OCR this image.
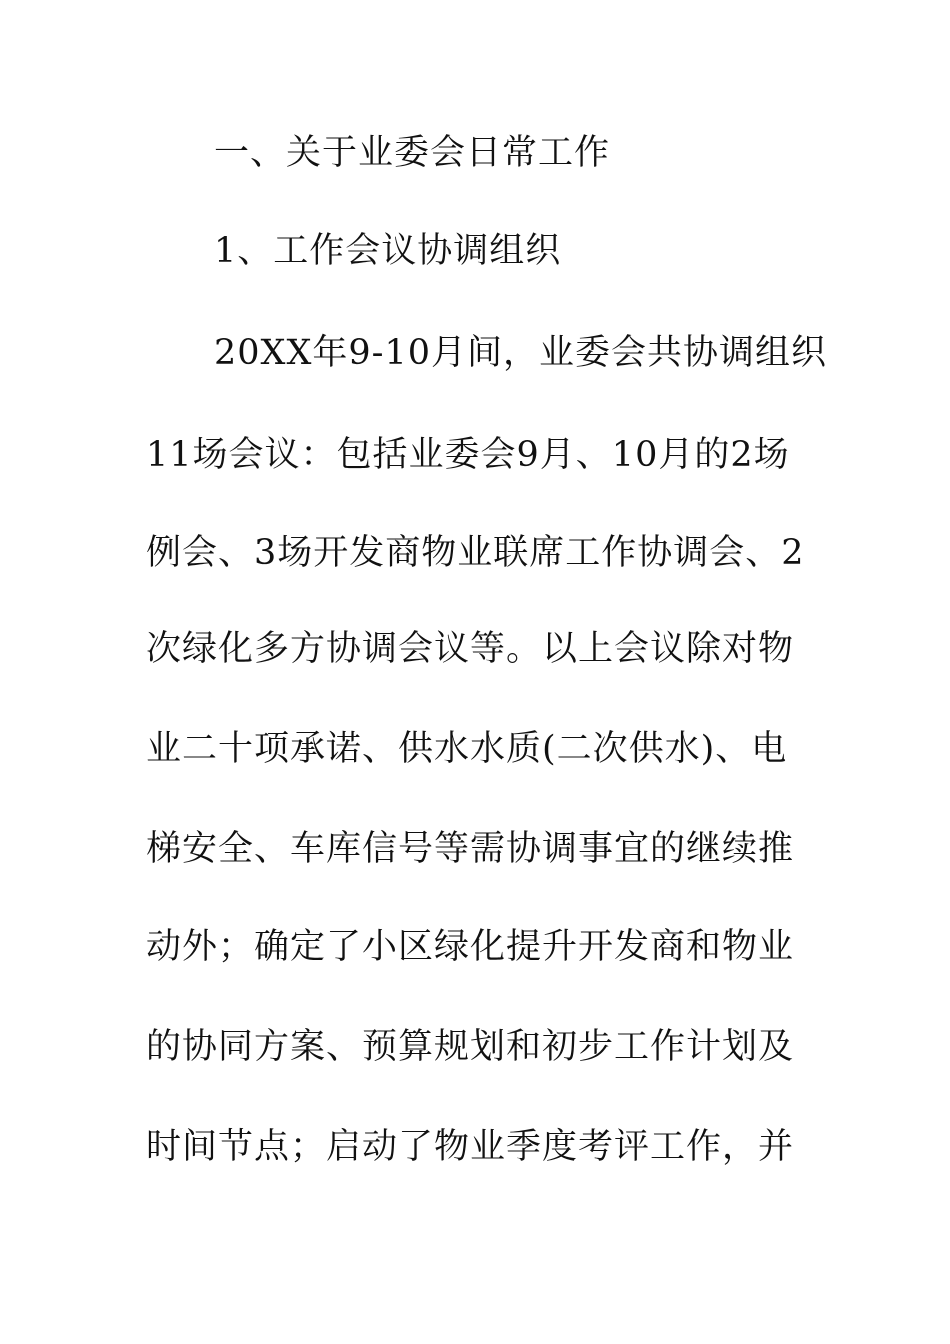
一、关于业委会日常工作
1、工作会议协调组织
20XX年9-10月间，业委会共协调组织
11场会议：包括业委会9月、10月的2场
例会、3场开发商物业联席工作协调会、2
次绿化多方协调会议等。以上会议除对物
业二十项承诺、供水水质(二次供水)、电
梯安全、车库信号等需协调事宜的继续推
动外；确定了小区绿化提升开发商和物业
的协同方案、预算规划和初步工作计划及
时间节点；启动了物业季度考评工作，并
